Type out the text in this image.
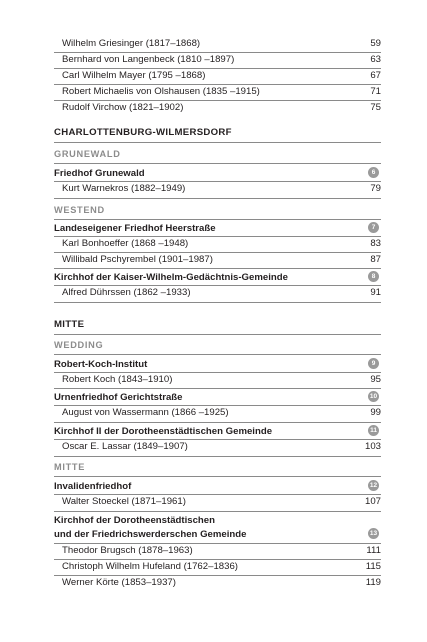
Wilhelm Griesinger (1817–1868)	59
Bernhard von Langenbeck (1810 –1897)	63
Carl Wilhelm Mayer (1795 –1868)	67
Robert Michaelis von Olshausen (1835 –1915)	71
Rudolf Virchow (1821–1902)	75
CHARLOTTENBURG-WILMERSDORF
GRUNEWALD
Friedhof Grunewald	6
Kurt Warnekros (1882–1949)	79
WESTEND
Landeseigener Friedhof Heerstraße	7
Karl Bonhoeffer (1868 –1948)	83
Willibald Pschyrembel (1901–1987)	87
Kirchhof der Kaiser-Wilhelm-Gedächtnis-Gemeinde	8
Alfred Dührssen (1862 –1933)	91
MITTE
WEDDING
Robert-Koch-Institut	9
Robert Koch (1843–1910)	95
Urnenfriedhof Gerichtstraße	10
August von Wassermann (1866 –1925)	99
Kirchhof II der Dorotheenstädtischen Gemeinde	11
Oscar E. Lassar (1849–1907)	103
MITTE
Invalidenfriedhof	12
Walter Stoeckel (1871–1961)	107
Kirchhof der Dorotheenstädtischen
und der Friedrichswerderschen Gemeinde	13
Theodor Brugsch (1878–1963)	111
Christoph Wilhelm Hufeland (1762–1836)	115
Werner Körte (1853–1937)	119
